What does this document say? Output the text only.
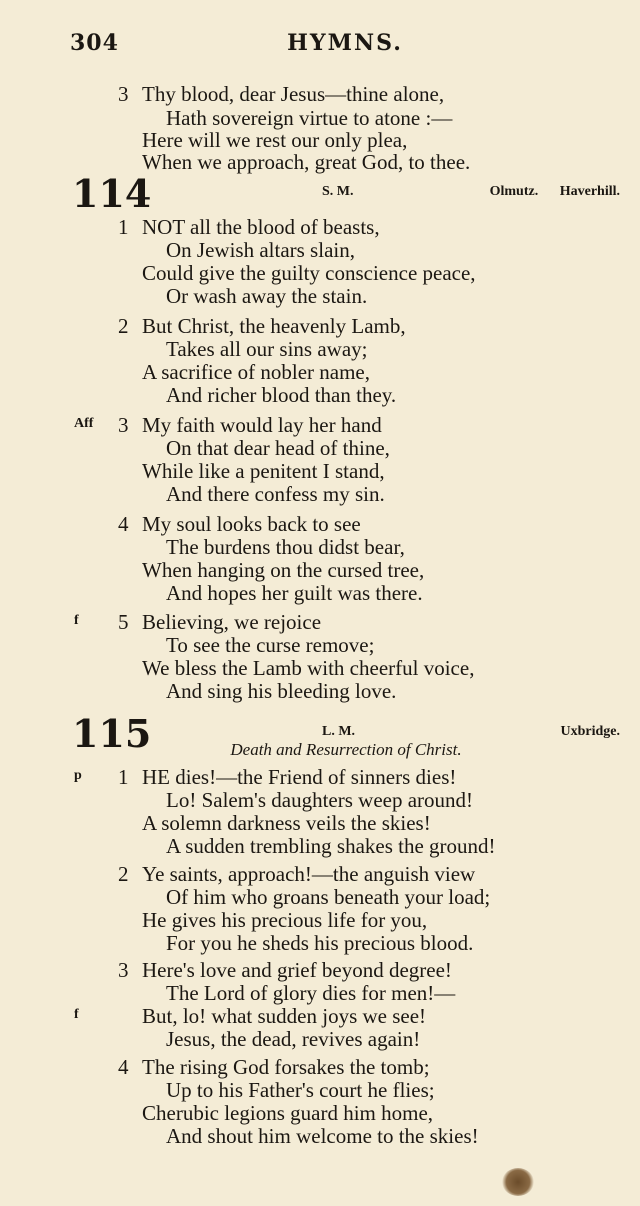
304	HYMNS.
3 Thy blood, dear Jesus—thine alone,
Hath sovereign virtue to atone :—
Here will we rest our only plea,
When we approach, great God, to thee.
114	S. M.	Olmutz. Haverhill.
1 NOT all the blood of beasts,
On Jewish altars slain,
Could give the guilty conscience peace,
Or wash away the stain.
2 But Christ, the heavenly Lamb,
Takes all our sins away;
A sacrifice of nobler name,
And richer blood than they.
Aff 3 My faith would lay her hand
On that dear head of thine,
While like a penitent I stand,
And there confess my sin.
4 My soul looks back to see
The burdens thou didst bear,
When hanging on the cursed tree,
And hopes her guilt was there.
f 5 Believing, we rejoice
To see the curse remove;
We bless the Lamb with cheerful voice,
And sing his bleeding love.
115	L. M.	Uxbridge.
Death and Resurrection of Christ.
p 1 HE dies!—the Friend of sinners dies!
Lo! Salem's daughters weep around!
A solemn darkness veils the skies!
A sudden trembling shakes the ground!
2 Ye saints, approach!—the anguish view
Of him who groans beneath your load;
He gives his precious life for you,
For you he sheds his precious blood.
3 Here's love and grief beyond degree!
The Lord of glory dies for men!—
f	But, lo! what sudden joys we see!
Jesus, the dead, revives again!
4 The rising God forsakes the tomb;
Up to his Father's court he flies;
Cherubic legions guard him home,
And shout him welcome to the skies!
